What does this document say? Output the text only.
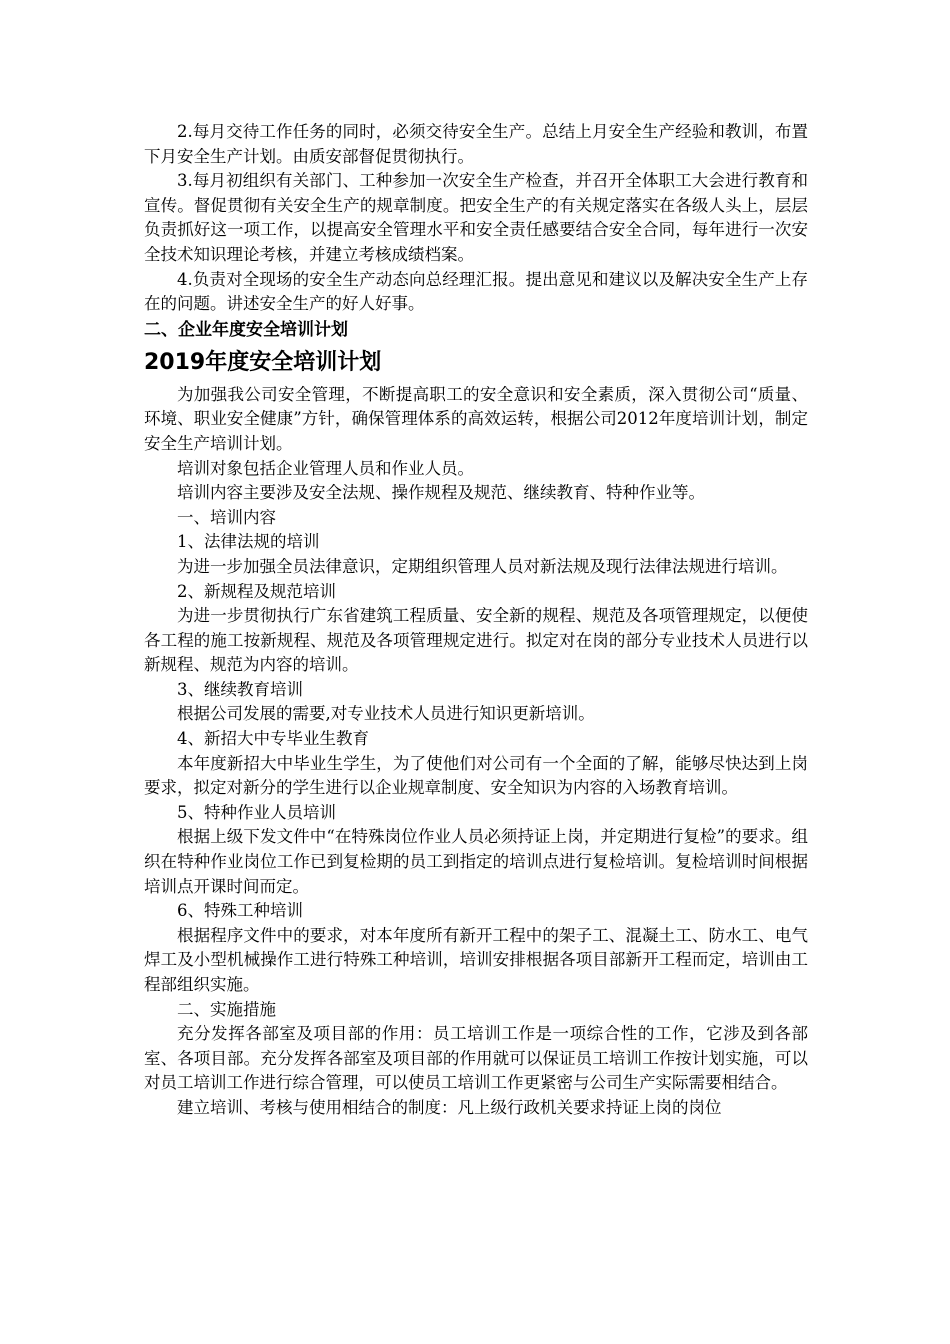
2.每月交待工作任务的同时，必须交待安全生产。总结上月安全生产经验和教训，布置下月安全生产计划。由质安部督促贯彻执行。

3.每月初组织有关部门、工种参加一次安全生产检查，并召开全体职工大会进行教育和宣传。督促贯彻有关安全生产的规章制度。把安全生产的有关规定落实在各级人头上，层层负责抓好这一项工作，以提高安全管理水平和安全责任感要结合安全合同，每年进行一次安全技术知识理论考核，并建立考核成绩档案。

4.负责对全现场的安全生产动态向总经理汇报。提出意见和建议以及解决安全生产上存在的问题。讲述安全生产的好人好事。

二、企业年度安全培训计划

2019年度安全培训计划

为加强我公司安全管理，不断提高职工的安全意识和安全素质，深入贯彻公司“质量、环境、职业安全健康”方针，确保管理体系的高效运转，根据公司2012年度培训计划，制定安全生产培训计划。

培训对象包括企业管理人员和作业人员。

培训内容主要涉及安全法规、操作规程及规范、继续教育、特种作业等。

一、培训内容

1、法律法规的培训

为进一步加强全员法律意识，定期组织管理人员对新法规及现行法律法规进行培训。

2、新规程及规范培训

为进一步贯彻执行广东省建筑工程质量、安全新的规程、规范及各项管理规定，以便使各工程的施工按新规程、规范及各项管理规定进行。拟定对在岗的部分专业技术人员进行以新规程、规范为内容的培训。

3、继续教育培训

根据公司发展的需要,对专业技术人员进行知识更新培训。

4、新招大中专毕业生教育

本年度新招大中毕业生学生，为了使他们对公司有一个全面的了解，能够尽快达到上岗要求，拟定对新分的学生进行以企业规章制度、安全知识为内容的入场教育培训。

5、特种作业人员培训

根据上级下发文件中“在特殊岗位作业人员必须持证上岗，并定期进行复检”的要求。组织在特种作业岗位工作已到复检期的员工到指定的培训点进行复检培训。复检培训时间根据培训点开课时间而定。

6、特殊工种培训

根据程序文件中的要求，对本年度所有新开工程中的架子工、混凝土工、防水工、电气焊工及小型机械操作工进行特殊工种培训，培训安排根据各项目部新开工程而定，培训由工程部组织实施。

二、实施措施

充分发挥各部室及项目部的作用：员工培训工作是一项综合性的工作，它涉及到各部室、各项目部。充分发挥各部室及项目部的作用就可以保证员工培训工作按计划实施，可以对员工培训工作进行综合管理，可以使员工培训工作更紧密与公司生产实际需要相结合。

建立培训、考核与使用相结合的制度：凡上级行政机关要求持证上岗的岗位
